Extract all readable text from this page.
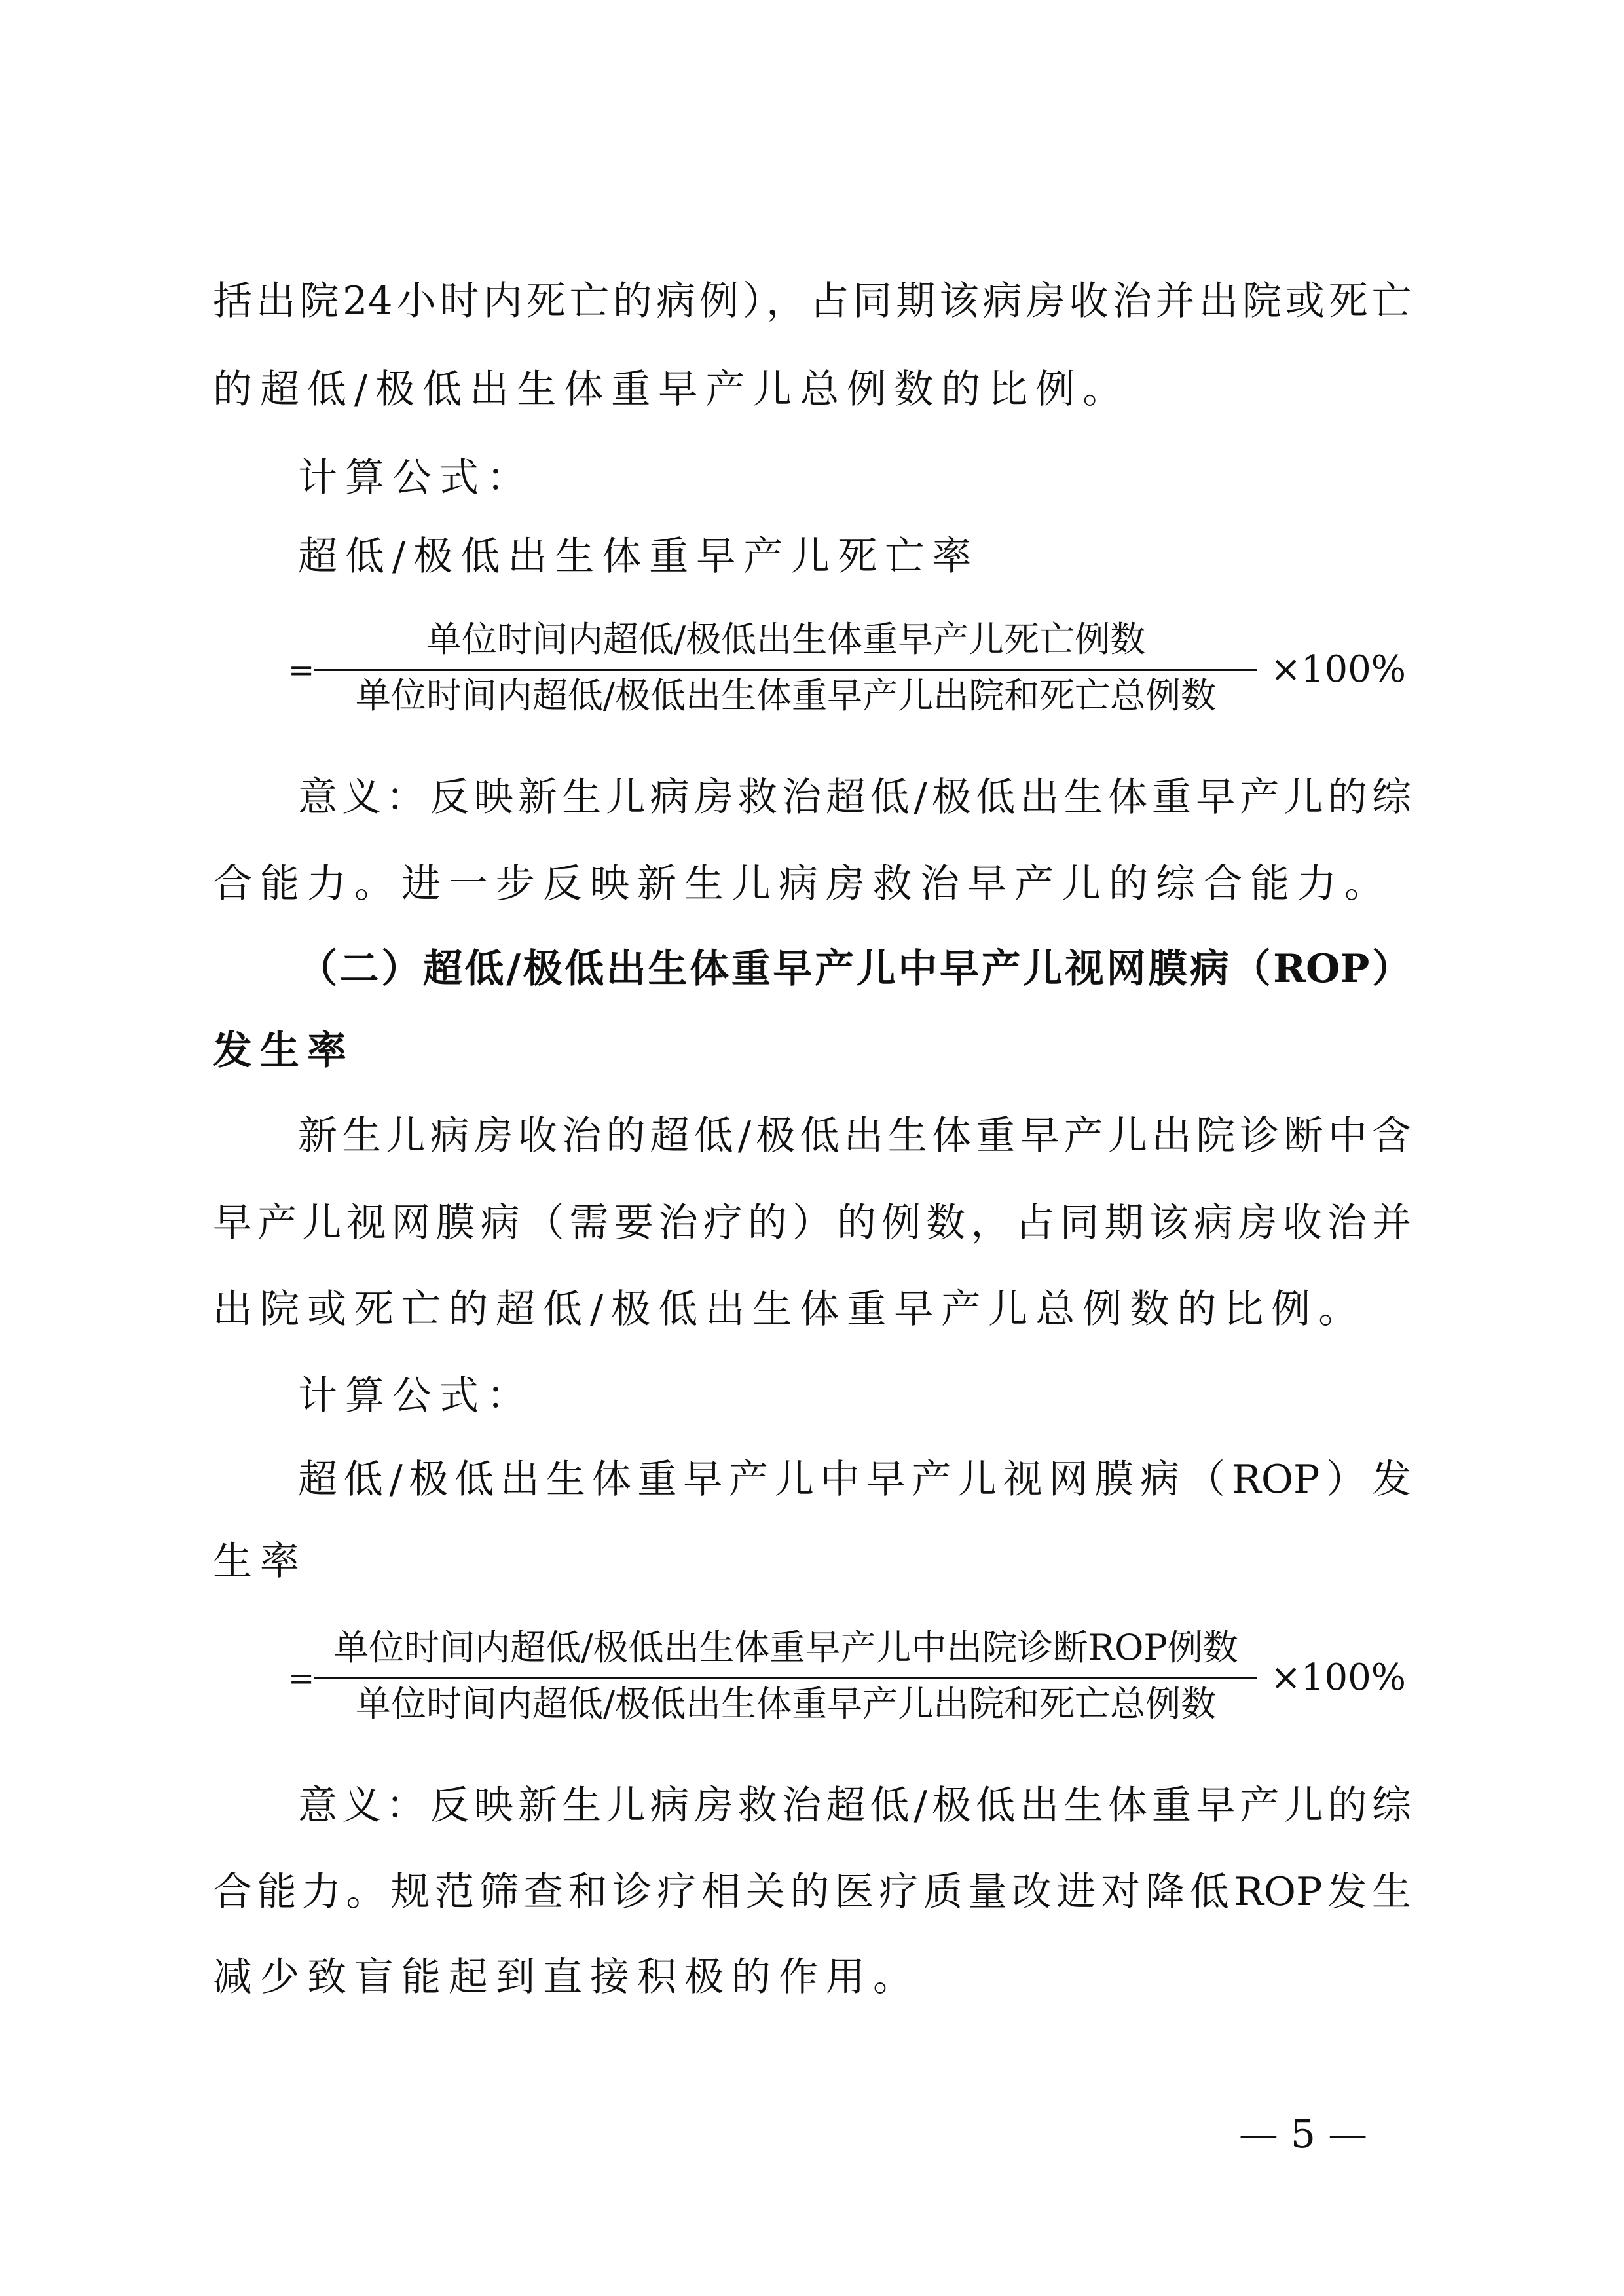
括出院24小时内死亡的病例），占同期该病房收治并出院或死亡
的超低/极低出生体重早产儿总例数的比例。
计算公式：
超低/极低出生体重早产儿死亡率
=
单位时间内超低/极低出生体重早产儿死亡例数
单位时间内超低/极低出生体重早产儿出院和死亡总例数
×100%
意义：反映新生儿病房救治超低/极低出生体重早产儿的综
合能力。进一步反映新生儿病房救治早产儿的综合能力。
（二）超低/极低出生体重早产儿中早产儿视网膜病（ROP）
发生率
新生儿病房收治的超低/极低出生体重早产儿出院诊断中含
早产儿视网膜病（需要治疗的）的例数，占同期该病房收治并
出院或死亡的超低/极低出生体重早产儿总例数的比例。
计算公式：
超低/极低出生体重早产儿中早产儿视网膜病（ROP）发
生率
=
单位时间内超低/极低出生体重早产儿中出院诊断ROP例数
单位时间内超低/极低出生体重早产儿出院和死亡总例数
×100%
意义：反映新生儿病房救治超低/极低出生体重早产儿的综
合能力。规范筛查和诊疗相关的医疗质量改进对降低ROP发生
减少致盲能起到直接积极的作用。
— 5 —
